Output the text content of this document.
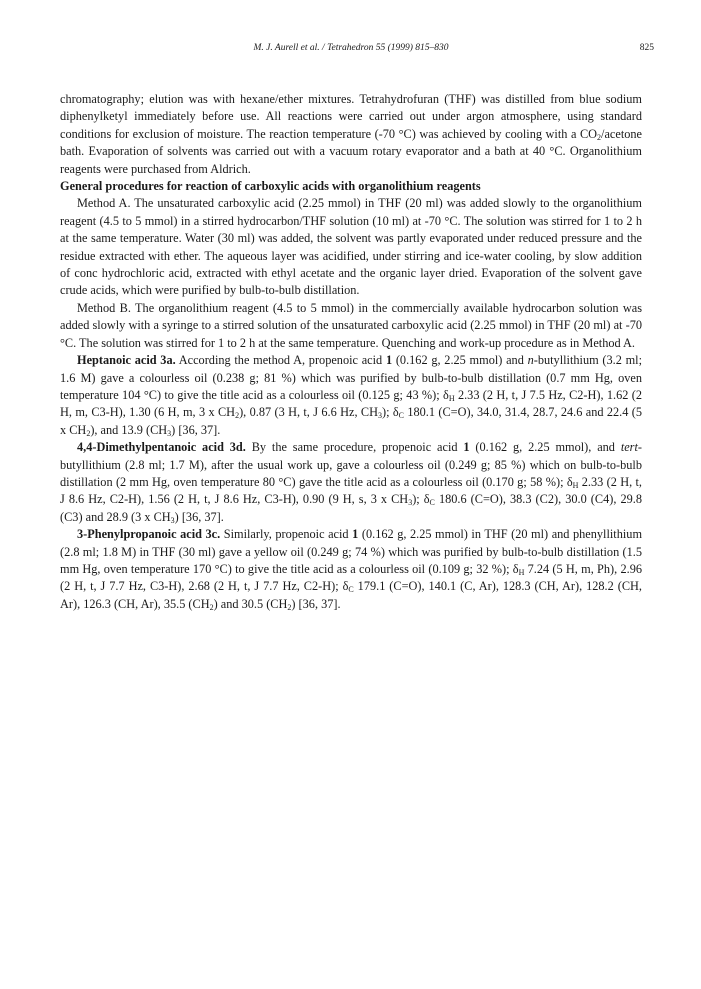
M. J. Aurell et al. / Tetrahedron 55 (1999) 815–830	825

chromatography; elution was with hexane/ether mixtures. Tetrahydrofuran (THF) was distilled from blue sodium diphenylketyl immediately before use. All reactions were carried out under argon atmosphere, using standard conditions for exclusion of moisture. The reaction temperature (-70 °C) was achieved by cooling with a $CO_2$/acetone bath. Evaporation of solvents was carried out with a vacuum rotary evaporator and a bath at 40 °C. Organolithium reagents were purchased from Aldrich.

General procedures for reaction of carboxylic acids with organolithium reagents

Method A. The unsaturated carboxylic acid (2.25 mmol) in THF (20 ml) was added slowly to the organolithium reagent (4.5 to 5 mmol) in a stirred hydrocarbon/THF solution (10 ml) at -70 °C. The solution was stirred for 1 to 2 h at the same temperature. Water (30 ml) was added, the solvent was partly evaporated under reduced pressure and the residue extracted with ether. The aqueous layer was acidified, under stirring and ice-water cooling, by slow addition of conc hydrochloric acid, extracted with ethyl acetate and the organic layer dried. Evaporation of the solvent gave crude acids, which were purified by bulb-to-bulb distillation.

Method B. The organolithium reagent (4.5 to 5 mmol) in the commercially available hydrocarbon solution was added slowly with a syringe to a stirred solution of the unsaturated carboxylic acid (2.25 mmol) in THF (20 ml) at -70 °C. The solution was stirred for 1 to 2 h at the same temperature. Quenching and work-up procedure as in Method A.

Heptanoic acid 3a. According the method A, propenoic acid 1 (0.162 g, 2.25 mmol) and n-butyllithium (3.2 ml; 1.6 M) gave a colourless oil (0.238 g; 81 %) which was purified by bulb-to-bulb distillation (0.7 mm Hg, oven temperature 104 °C) to give the title acid as a colourless oil (0.125 g; 43 %); $\delta_H$ 2.33 (2 H, t, J 7.5 Hz, C2-H), 1.62 (2 H, m, C3-H), 1.30 (6 H, m, 3 x $CH_2$), 0.87 (3 H, t, J 6.6 Hz, $CH_3$); $\delta_C$ 180.1 (C=O), 34.0, 31.4, 28.7, 24.6 and 22.4 (5 x $CH_2$), and 13.9 $(CH_3)$ [36, 37].

4,4-Dimethylpentanoic acid 3d. By the same procedure, propenoic acid 1 (0.162 g, 2.25 mmol), and tert-butyllithium (2.8 ml; 1.7 M), after the usual work up, gave a colourless oil (0.249 g; 85 %) which on bulb-to-bulb distillation (2 mm Hg, oven temperature 80 °C) gave the title acid as a colourless oil (0.170 g; 58 %); $\delta_H$ 2.33 (2 H, t, J 8.6 Hz, C2-H), 1.56 (2 H, t, J 8.6 Hz, C3-H), 0.90 (9 H, s, 3 x $CH_3$); $\delta_C$ 180.6 (C=O), 38.3 (C2), 30.0 (C4), 29.8 (C3) and 28.9 (3 x $CH_3$) [36, 37].

3-Phenylpropanoic acid 3c. Similarly, propenoic acid 1 (0.162 g, 2.25 mmol) in THF (20 ml) and phenyllithium (2.8 ml; 1.8 M) in THF (30 ml) gave a yellow oil (0.249 g; 74 %) which was purified by bulb-to-bulb distillation (1.5 mm Hg, oven temperature 170 °C) to give the title acid as a colourless oil (0.109 g; 32 %); $\delta_H$ 7.24 (5 H, m, Ph), 2.96 (2 H, t, J 7.7 Hz, C3-H), 2.68 (2 H, t, J 7.7 Hz, C2-H); $\delta_C$ 179.1 (C=O), 140.1 (C, Ar), 128.3 (CH, Ar), 128.2 (CH, Ar), 126.3 (CH, Ar), 35.5 $(CH_2)$ and 30.5 $(CH_2)$ [36, 37].
